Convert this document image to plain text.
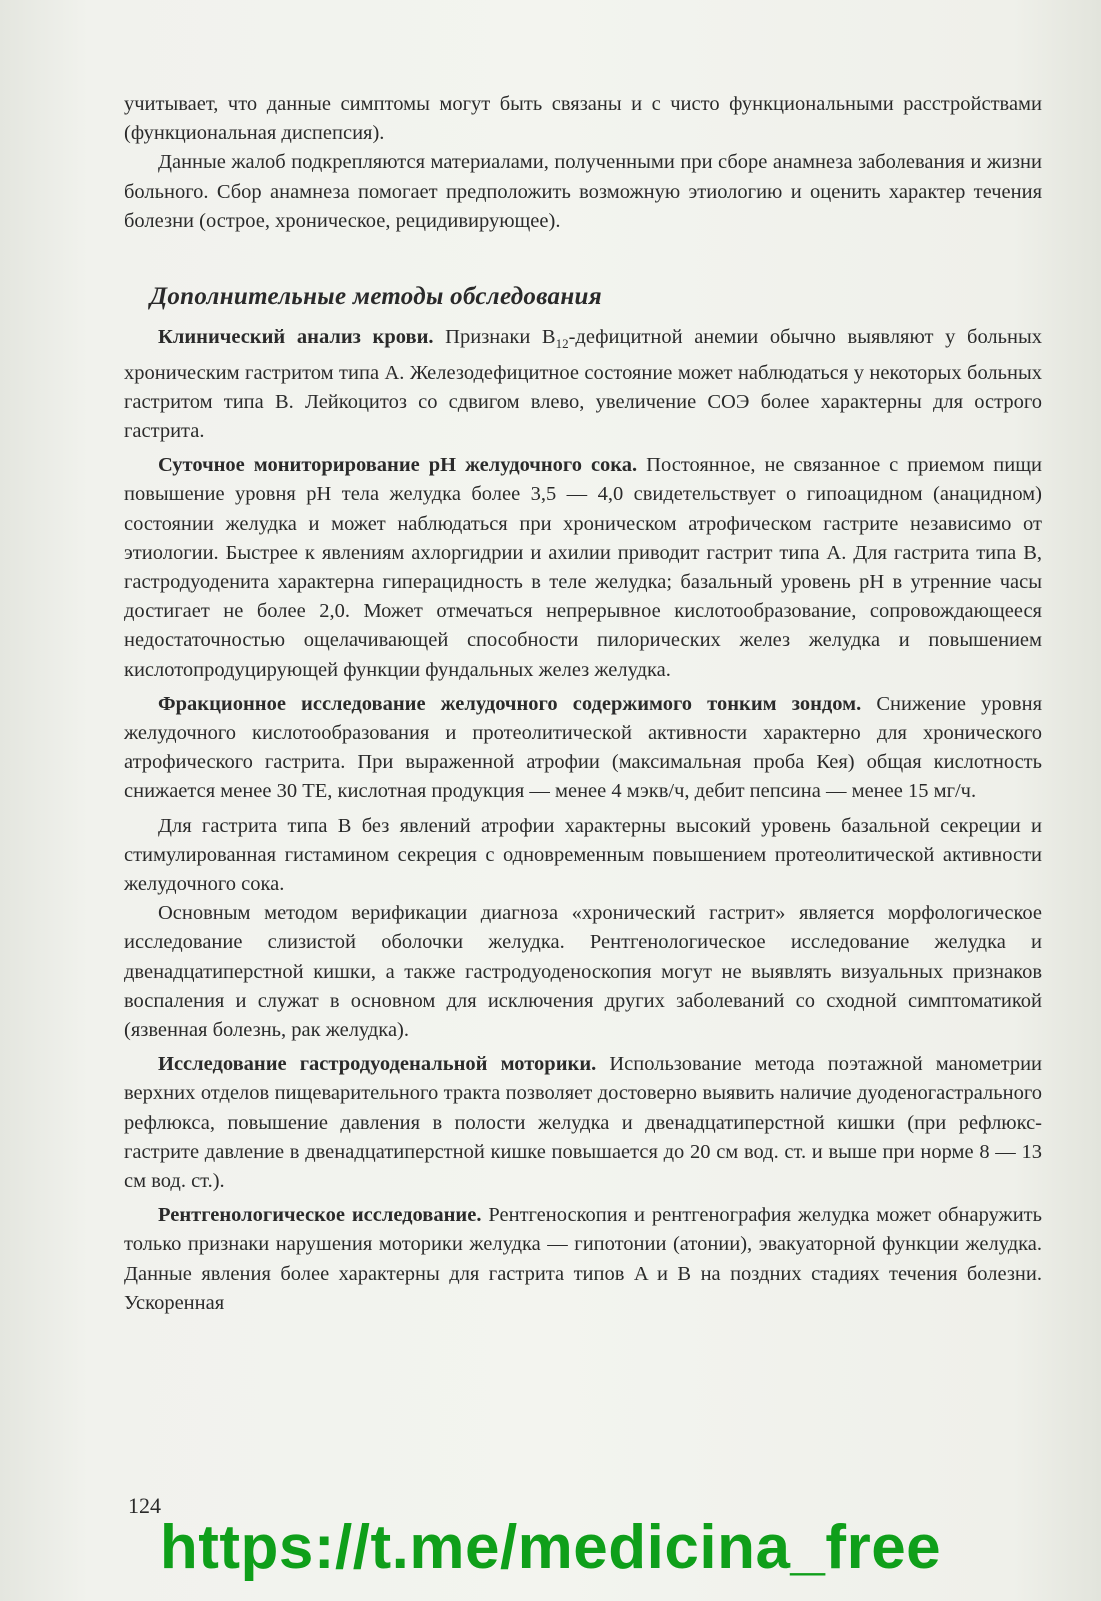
учитывает, что данные симптомы могут быть связаны и с чисто функциональными расстройствами (функциональная диспепсия).

Данные жалоб подкрепляются материалами, полученными при сборе анамнеза заболевания и жизни больного. Сбор анамнеза помогает предположить возможную этиологию и оценить характер течения болезни (острое, хроническое, рецидивирующее).

Дополнительные методы обследования

Клинический анализ крови. Признаки $B_{12}$-дефицитной анемии обычно выявляют у больных хроническим гастритом типа A. Железодефицитное состояние может наблюдаться у некоторых больных гастритом типа B. Лейкоцитоз со сдвигом влево, увеличение СОЭ более характерны для острого гастрита.

Суточное мониторирование pH желудочного сока. Постоянное, не связанное с приемом пищи повышение уровня pH тела желудка более 3,5 — 4,0 свидетельствует о гипоацидном (анацидном) состоянии желудка и может наблюдаться при хроническом атрофическом гастрите независимо от этиологии. Быстрее к явлениям ахлоргидрии и ахилии приводит гастрит типа A. Для гастрита типа B, гастродуоденита характерна гиперацидность в теле желудка; базальный уровень pH в утренние часы достигает не более 2,0. Может отмечаться непрерывное кислотообразование, сопровождающееся недостаточностью ощелачивающей способности пилорических желез желудка и повышением кислотопродуцирующей функции фундальных желез желудка.

Фракционное исследование желудочного содержимого тонким зондом. Снижение уровня желудочного кислотообразования и протеолитической активности характерно для хронического атрофического гастрита. При выраженной атрофии (максимальная проба Кея) общая кислотность снижается менее 30 ТЕ, кислотная продукция — менее 4 мэкв/ч, дебит пепсина — менее 15 мг/ч.

Для гастрита типа B без явлений атрофии характерны высокий уровень базальной секреции и стимулированная гистамином секреция с одновременным повышением протеолитической активности желудочного сока.

Основным методом верификации диагноза «хронический гастрит» является морфологическое исследование слизистой оболочки желудка. Рентгенологическое исследование желудка и двенадцатиперстной кишки, а также гастродуоденоскопия могут не выявлять визуальных признаков воспаления и служат в основном для исключения других заболеваний со сходной симптоматикой (язвенная болезнь, рак желудка).

Исследование гастродуоденальной моторики. Использование метода поэтажной манометрии верхних отделов пищеварительного тракта позволяет достоверно выявить наличие дуоденогастрального рефлюкса, повышение давления в полости желудка и двенадцатиперстной кишки (при рефлюкс-гастрите давление в двенадцатиперстной кишке повышается до 20 см вод. ст. и выше при норме 8 — 13 см вод. ст.).

Рентгенологическое исследование. Рентгеноскопия и рентгенография желудка может обнаружить только признаки нарушения моторики желудка — гипотонии (атонии), эвакуаторной функции желудка. Данные явления более характерны для гастрита типов A и B на поздних стадиях течения болезни. Ускоренная

124
https://t.me/medicina_free
